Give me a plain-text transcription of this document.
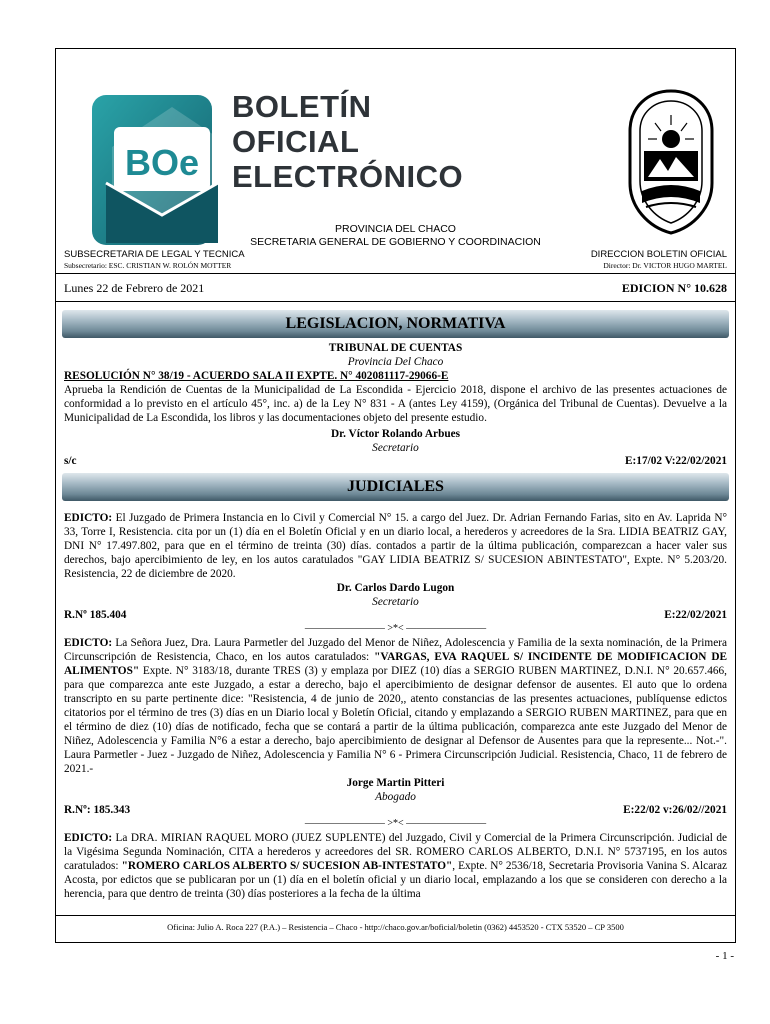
BOe
BOLETÍN
OFICIAL
ELECTRÓNICO
PROVINCIA DEL CHACO
SECRETARIA GENERAL DE GOBIERNO Y COORDINACION
SUBSECRETARIA DE LEGAL Y TECNICA
Subsecretario: ESC. CRISTIAN W. ROLÓN MOTTER
DIRECCION BOLETIN OFICIAL
Director: Dr. VICTOR HUGO MARTEL
Lunes 22 de Febrero de 2021	EDICION N° 10.628
LEGISLACION, NORMATIVA
TRIBUNAL DE CUENTAS
Provincia Del Chaco
RESOLUCIÓN N° 38/19 - ACUERDO SALA II EXPTE. N° 402081117-29066-E
Aprueba la Rendición de Cuentas de la Municipalidad de La Escondida - Ejercicio 2018, dispone el archivo de las presentes actuaciones de conformidad a lo previsto en el artículo 45°, inc. a) de la Ley N° 831 - A (antes Ley 4159), (Orgánica del Tribunal de Cuentas). Devuelve a la Municipalidad de La Escondida, los libros y las documentaciones objeto del presente estudio.
Dr. Víctor Rolando Arbues
Secretario
s/c	E:17/02 V:22/02/2021
JUDICIALES
EDICTO: El Juzgado de Primera Instancia en lo Civil y Comercial N° 15. a cargo del Juez. Dr. Adrian Fernando Farias, sito en Av. Laprida N° 33, Torre I, Resistencia. cita por un (1) día en el Boletín Oficial y en un diario local, a herederos y acreedores de la Sra. LIDIA BEATRIZ GAY, DNI N° 17.497.802, para que en el término de treinta (30) días. contados a partir de la última publicación, comparezcan a hacer valer sus derechos, bajo apercibimiento de ley, en los autos caratulados "GAY LIDIA BEATRIZ S/ SUCESION ABINTESTATO", Expte. N° 5.203/20. Resistencia, 22 de diciembre de 2020.
Dr. Carlos Dardo Lugon
Secretario
R.Nº 185.404	E:22/02/2021
———————— >*< ————————
EDICTO: La Señora Juez, Dra. Laura Parmetler del Juzgado del Menor de Niñez, Adolescencia y Familia de la sexta nominación, de la Primera Circunscripción de Resistencia, Chaco, en los autos caratulados: "VARGAS, EVA RAQUEL S/ INCIDENTE DE MODIFICACION DE ALIMENTOS" Expte. N° 3183/18, durante TRES (3) y emplaza por DIEZ (10) días a SERGIO RUBEN MARTINEZ, D.N.I. N° 20.657.466, para que comparezca ante este Juzgado, a estar a derecho, bajo el apercibimiento de designar defensor de ausentes. El auto que lo ordena transcripto en su parte pertinente dice: "Resistencia, 4 de junio de 2020,, atento constancias de las presentes actuaciones, publíquense edictos citatorios por el término de tres (3) días en un Diario local y Boletín Oficial, citando y emplazando a SERGIO RUBEN MARTINEZ, para que en el término de diez (10) días de notificado, fecha que se contará a partir de la última publicación, comparezca ante este Juzgado del Menor de Niñez, Adolescencia y Familia N°6 a estar a derecho, bajo apercibimiento de designar al Defensor de Ausentes para que la represente... Not.-". Laura Parmetler - Juez - Juzgado de Niñez, Adolescencia y Familia N° 6 - Primera Circunscripción Judicial. Resistencia, Chaco, 11 de febrero de 2021.-
Jorge Martin Pitteri
Abogado
R.Nº: 185.343	E:22/02 v:26/02//2021
———————— >*< ————————
EDICTO: La DRA. MIRIAN RAQUEL MORO (JUEZ SUPLENTE) del Juzgado, Civil y Comercial de la Primera Circunscripción. Judicial de la Vigésima Segunda Nominación, CITA a herederos y acreedores del SR. ROMERO CARLOS ALBERTO, D.N.I. N° 5737195, en los autos caratulados: "ROMERO CARLOS ALBERTO S/ SUCESION AB-INTESTATO", Expte. N° 2536/18, Secretaria Provisoria Vanina S. Alcaraz Acosta, por edictos que se publicaran por un (1) día en el boletín oficial y un diario local, emplazando a los que se consideren con derecho a la herencia, para que dentro de treinta (30) días posteriores a la fecha de la última
Oficina: Julio A. Roca 227 (P.A.) – Resistencia – Chaco - http://chaco.gov.ar/boficial/boletin (0362) 4453520 - CTX 53520 – CP 3500
- 1 -
